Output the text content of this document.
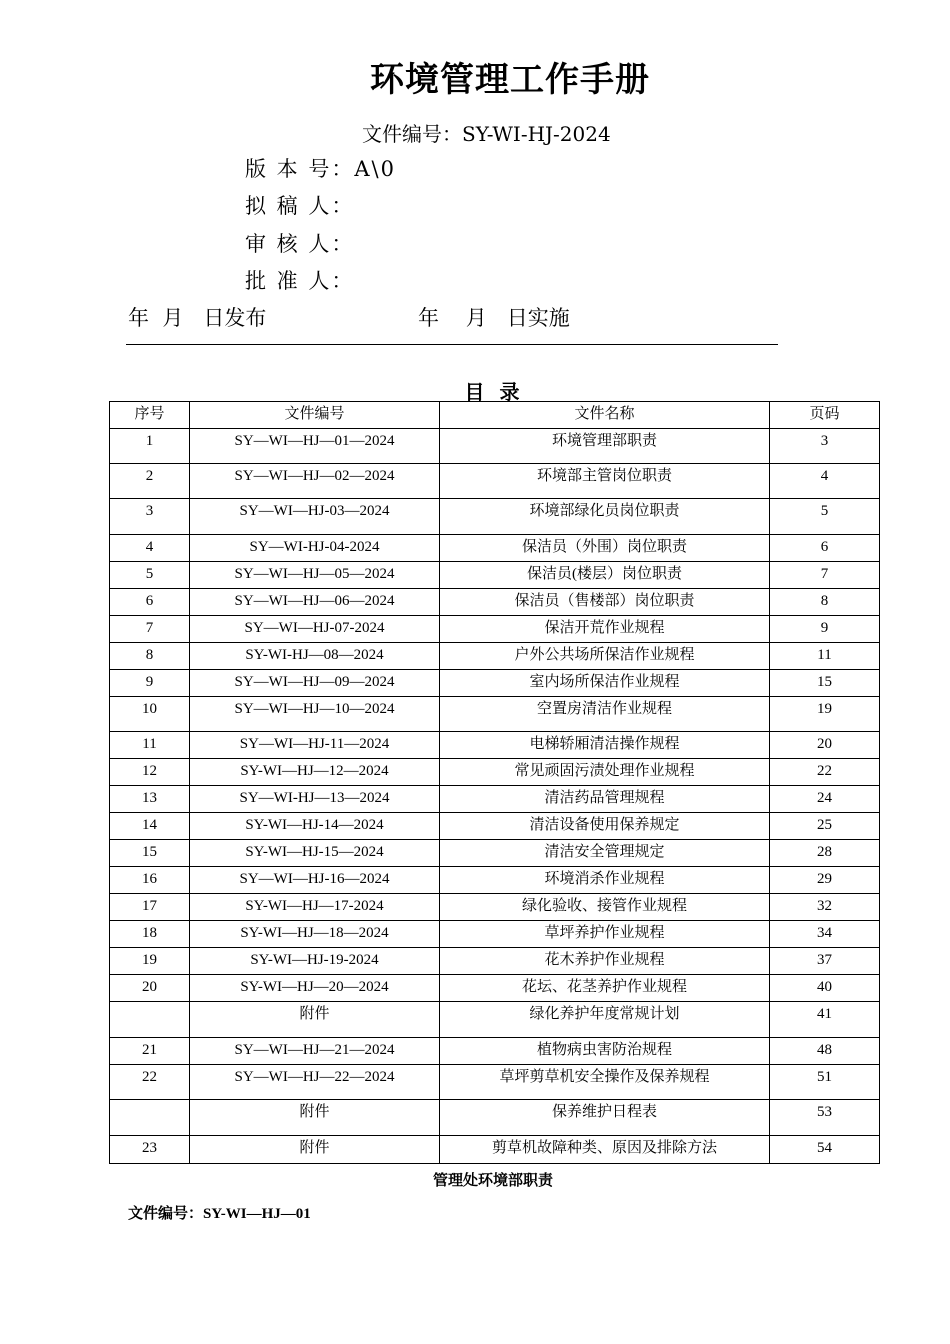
环境管理工作手册
文件编号：SY-WI-HJ-2024
版 本 号：A\0
拟 稿 人：
审 核 人：
批 准 人：
年  月   日发布	年    月   日实施
目 录
序号	文件编号	文件名称	页码
1	SY—WI—HJ—01—2024	环境管理部职责	3
2	SY—WI—HJ—02—2024	环境部主管岗位职责	4
3	SY—WI—HJ-03—2024	环境部绿化员岗位职责	5
4	SY—WI-HJ-04-2024	保洁员（外围）岗位职责	6
5	SY—WI—HJ—05—2024	保洁员(楼层）岗位职责	7
6	SY—WI—HJ—06—2024	保洁员（售楼部）岗位职责	8
7	SY—WI—HJ-07-2024	保洁开荒作业规程	9
8	SY-WI-HJ—08—2024	户外公共场所保洁作业规程	11
9	SY—WI—HJ—09—2024	室内场所保洁作业规程	15
10	SY—WI—HJ—10—2024	空置房清洁作业规程	19
11	SY—WI—HJ-11—2024	电梯轿厢清洁操作规程	20
12	SY-WI—HJ—12—2024	常见顽固污渍处理作业规程	22
13	SY—WI-HJ—13—2024	清洁药品管理规程	24
14	SY-WI—HJ-14—2024	清洁设备使用保养规定	25
15	SY-WI—HJ-15—2024	清洁安全管理规定	28
16	SY—WI—HJ-16—2024	环境消杀作业规程	29
17	SY-WI—HJ—17-2024	绿化验收、接管作业规程	32
18	SY-WI—HJ—18—2024	草坪养护作业规程	34
19	SY-WI—HJ-19-2024	花木养护作业规程	37
20	SY-WI—HJ—20—2024	花坛、花茎养护作业规程	40
	附件	绿化养护年度常规计划	41
21	SY—WI—HJ—21—2024	植物病虫害防治规程	48
22	SY—WI—HJ—22—2024	草坪剪草机安全操作及保养规程	51
	附件	保养维护日程表	53
23	附件	剪草机故障种类、原因及排除方法	54
管理处环境部职责
文件编号：SY-WI—HJ—01
